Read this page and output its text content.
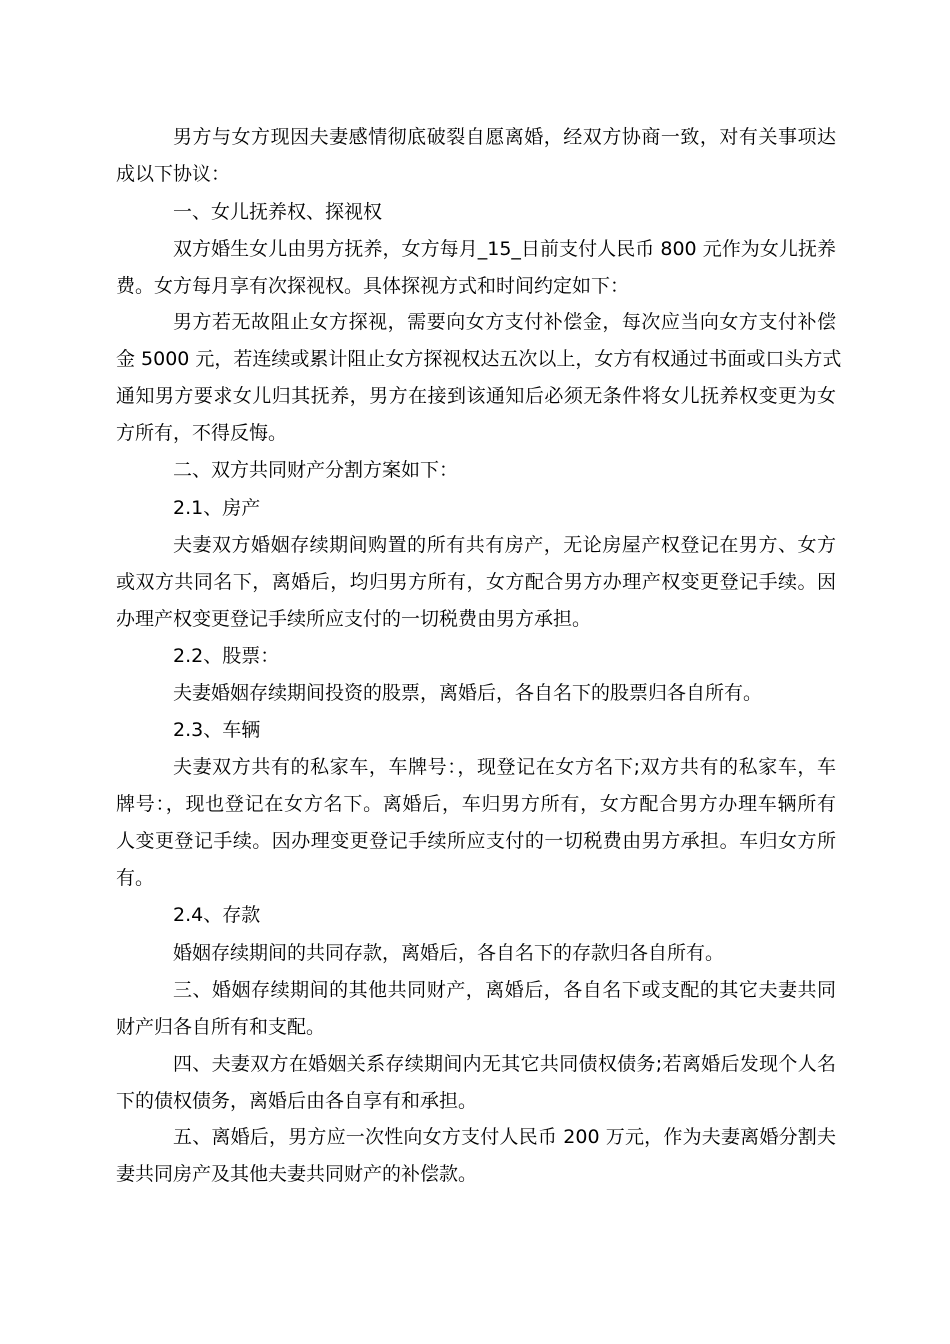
男方与女方现因夫妻感情彻底破裂自愿离婚，经双方协商一致，对有关事项达
成以下协议：
一、女儿抚养权、探视权
双方婚生女儿由男方抚养，女方每月_15_日前支付人民币 800 元作为女儿抚养
费。女方每月享有次探视权。具体探视方式和时间约定如下：
男方若无故阻止女方探视，需要向女方支付补偿金，每次应当向女方支付补偿
金 5000 元，若连续或累计阻止女方探视权达五次以上，女方有权通过书面或口头方式
通知男方要求女儿归其抚养，男方在接到该通知后必须无条件将女儿抚养权变更为女
方所有，不得反悔。
二、双方共同财产分割方案如下：
2.1、房产
夫妻双方婚姻存续期间购置的所有共有房产，无论房屋产权登记在男方、女方
或双方共同名下，离婚后，均归男方所有，女方配合男方办理产权变更登记手续。因
办理产权变更登记手续所应支付的一切税费由男方承担。
2.2、股票：
夫妻婚姻存续期间投资的股票，离婚后，各自名下的股票归各自所有。
2.3、车辆
夫妻双方共有的私家车，车牌号：，现登记在女方名下;双方共有的私家车，车
牌号：，现也登记在女方名下。离婚后，车归男方所有，女方配合男方办理车辆所有
人变更登记手续。因办理变更登记手续所应支付的一切税费由男方承担。车归女方所
有。
2.4、存款
婚姻存续期间的共同存款，离婚后，各自名下的存款归各自所有。
三、婚姻存续期间的其他共同财产，离婚后，各自名下或支配的其它夫妻共同
财产归各自所有和支配。
四、夫妻双方在婚姻关系存续期间内无其它共同债权债务;若离婚后发现个人名
下的债权债务，离婚后由各自享有和承担。
五、离婚后，男方应一次性向女方支付人民币 200 万元，作为夫妻离婚分割夫
妻共同房产及其他夫妻共同财产的补偿款。
